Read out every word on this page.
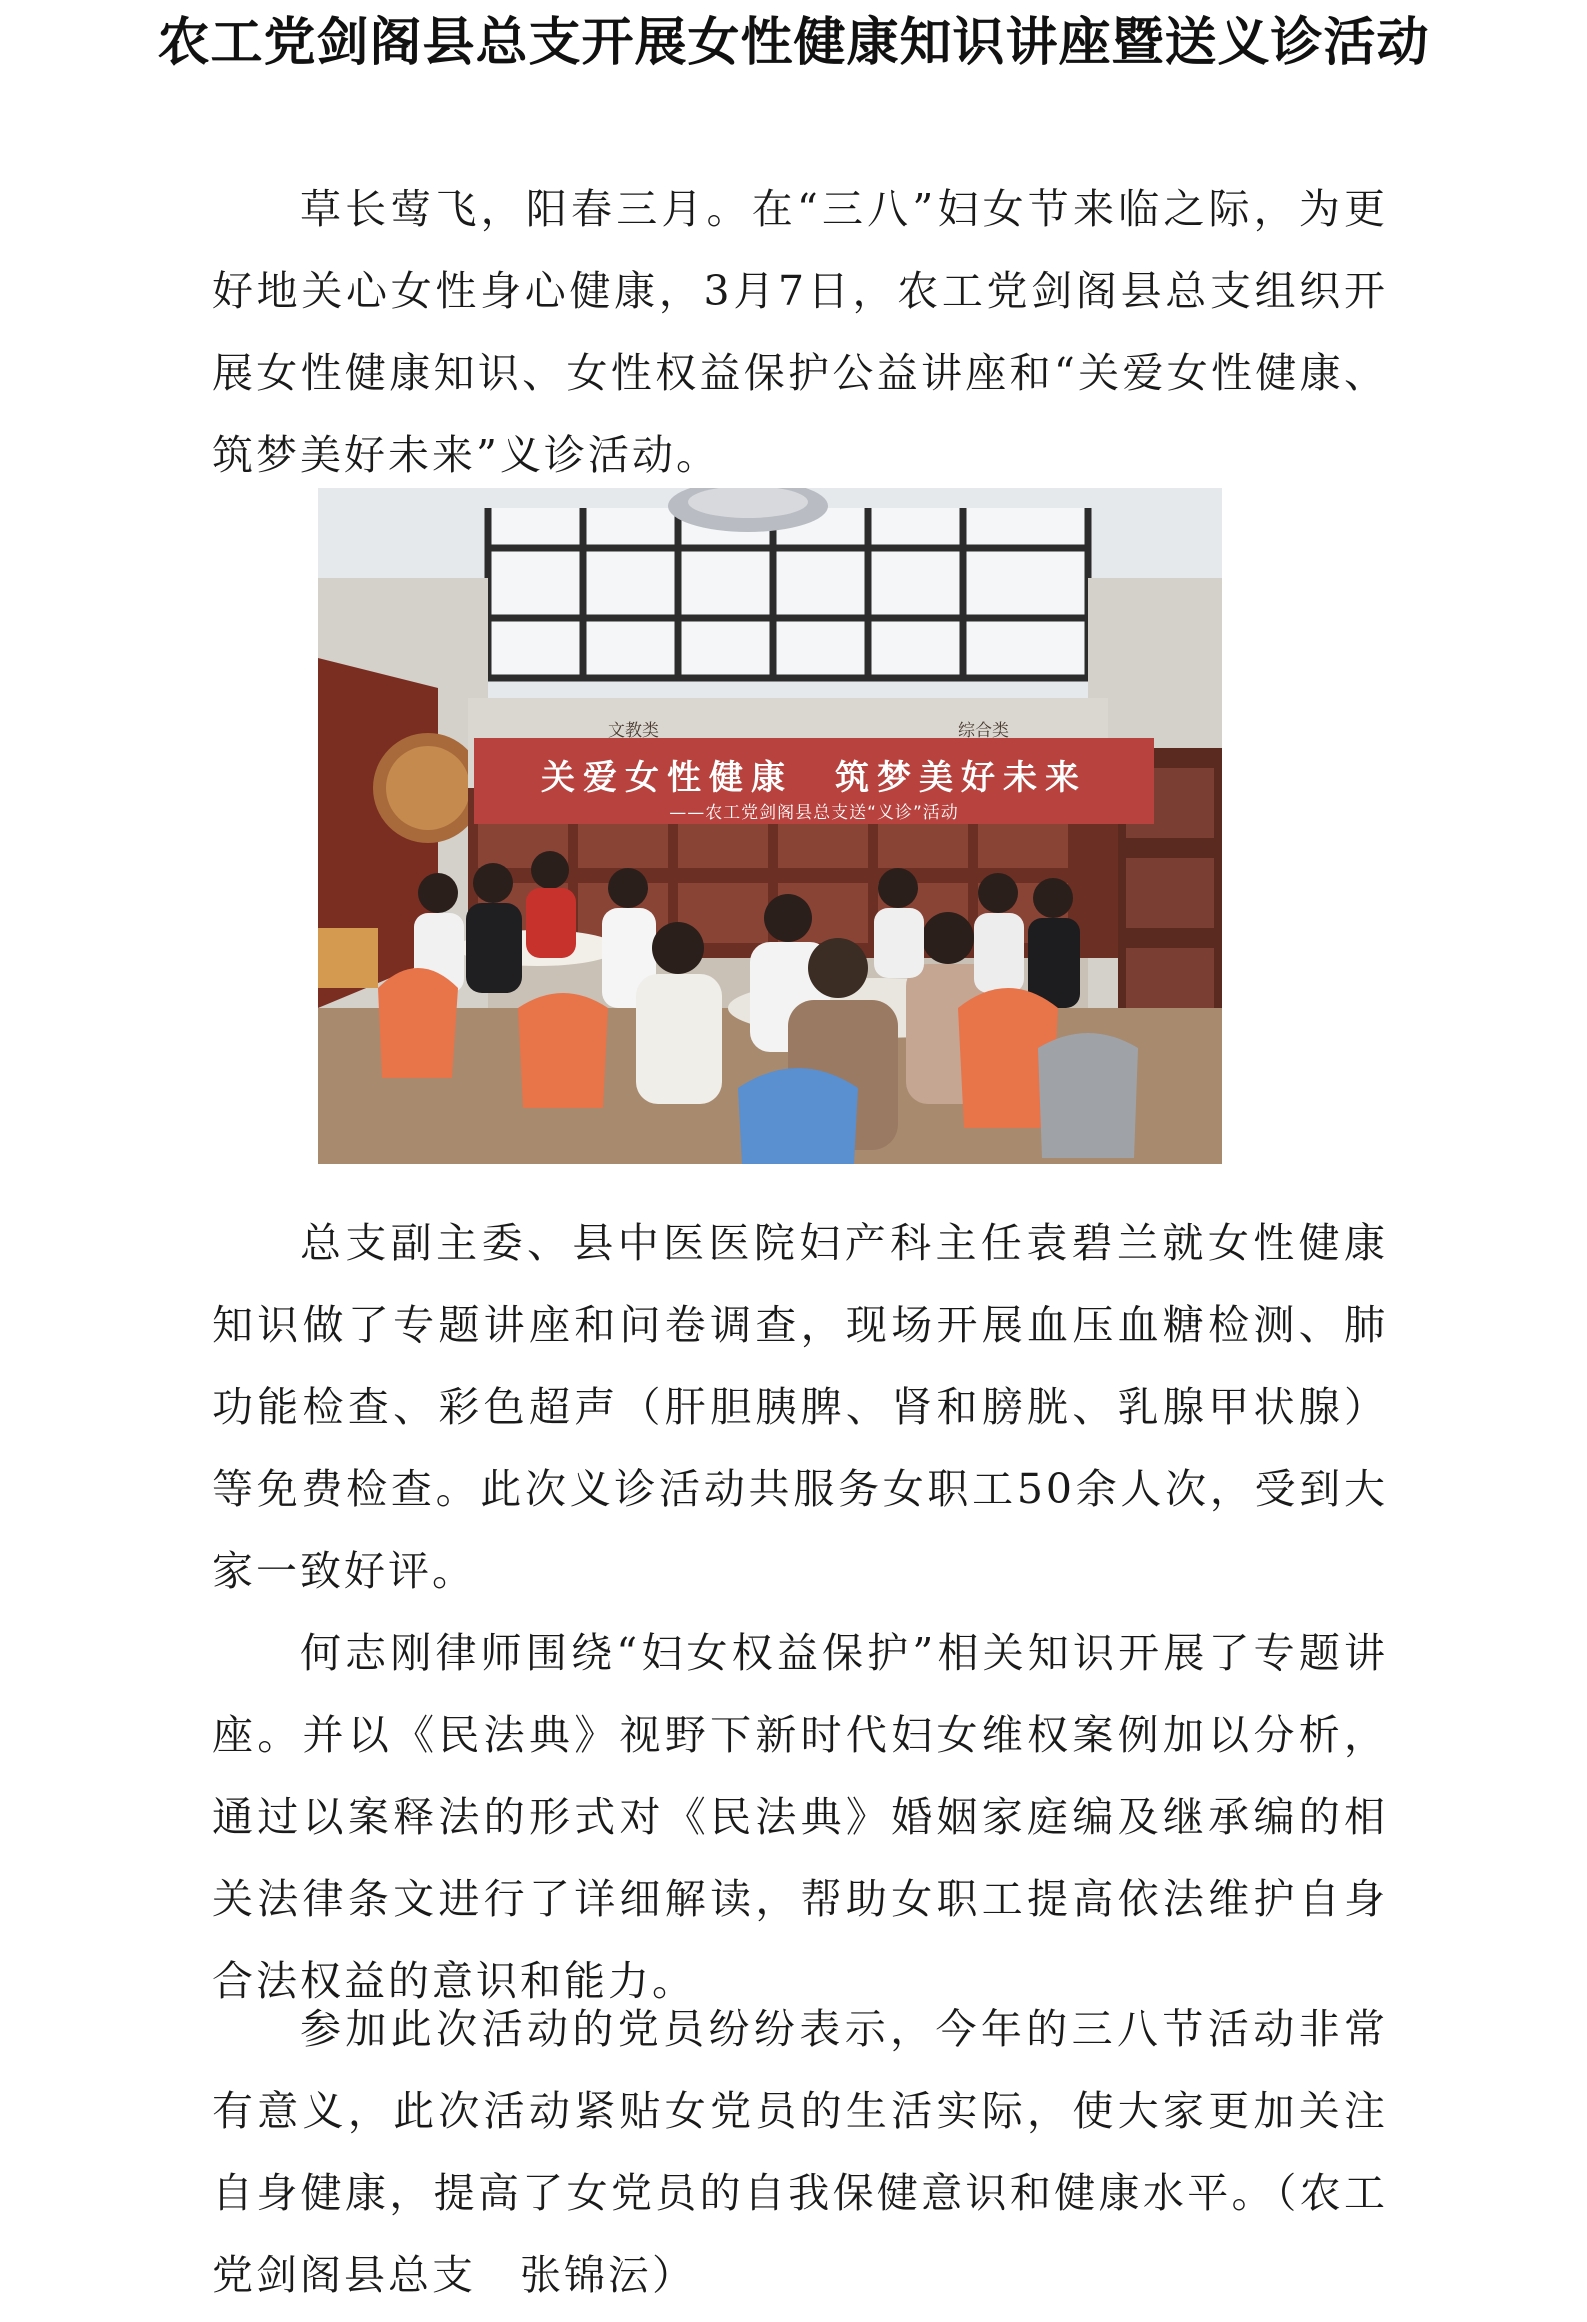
农工党剑阁县总支开展女性健康知识讲座暨送义诊活动

草长莺飞，阳春三月。在“三八”妇女节来临之际，为更好地关心女性身心健康，3月7日，农工党剑阁县总支组织开展女性健康知识、女性权益保护公益讲座和“关爱女性健康、筑梦美好未来”义诊活动。

文教类	综合类
关爱女性健康　筑梦美好未来
——农工党剑阁县总支送“义诊”活动

总支副主委、县中医医院妇产科主任袁碧兰就女性健康知识做了专题讲座和问卷调查，现场开展血压血糖检测、肺功能检查、彩色超声（肝胆胰脾、肾和膀胱、乳腺甲状腺）等免费检查。此次义诊活动共服务女职工50余人次，受到大家一致好评。

何志刚律师围绕“妇女权益保护”相关知识开展了专题讲座。并以《民法典》视野下新时代妇女维权案例加以分析，通过以案释法的形式对《民法典》婚姻家庭编及继承编的相关法律条文进行了详细解读，帮助女职工提高依法维护自身合法权益的意识和能力。

参加此次活动的党员纷纷表示，今年的三八节活动非常有意义，此次活动紧贴女党员的生活实际，使大家更加关注自身健康，提高了女党员的自我保健意识和健康水平。（农工党剑阁县总支　张锦沄）
